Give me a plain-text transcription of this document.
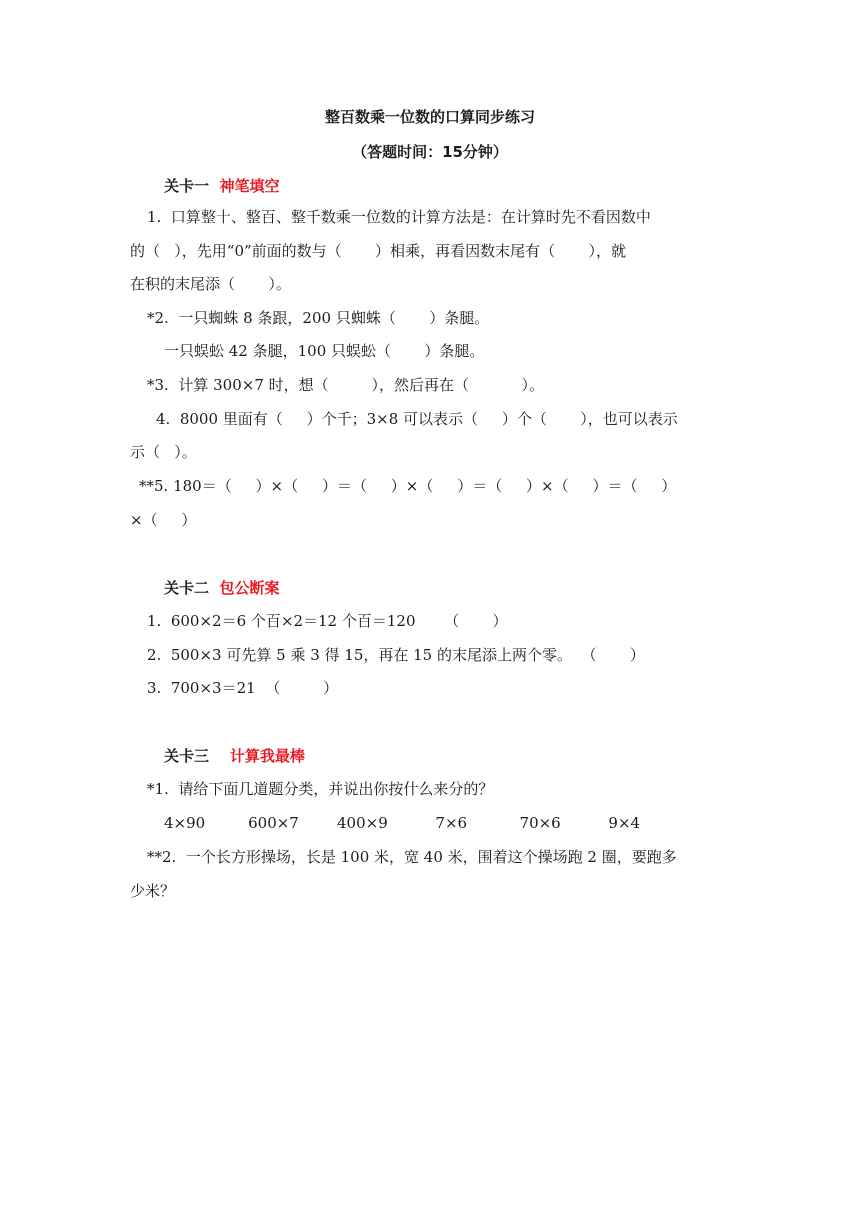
整百数乘一位数的口算同步练习
（答题时间：15分钟）
关卡一 神笔填空
1.  口算整十、整百、整千数乘一位数的计算方法是：在计算时先不看因数中
的（   ），先用“0”前面的数与（       ）相乘，再看因数末尾有（       ），就
在积的末尾添（       ）。
*2.  一只蜘蛛 8 条跟，200 只蜘蛛（       ）条腿。
一只蜈蚣 42 条腿，100 只蜈蚣（       ）条腿。
*3.  计算 300×7 时，想（         ），然后再在（           ）。
4.  8000 里面有（     ）个千；3×8 可以表示（     ）个（       ），也可以表示
示（   ）。
**5. 180＝（     ）×（     ）＝（     ）×（     ）＝（     ）×（     ）＝（     ）
×（     ）
关卡二 包公断案
1.  600×2＝6 个百×2＝12 个百＝120      （       ）
2.  500×3 可先算 5 乘 3 得 15，再在 15 的末尾添上两个零。  （       ）
3.  700×3＝21  （         ）
关卡三 计算我最棒
*1.  请给下面几道题分类，并说出你按什么来分的？
4×90         600×7        400×9          7×6           70×6          9×4
**2.  一个长方形操场，长是 100 米，宽 40 米，围着这个操场跑 2 圈，要跑多
少米？
